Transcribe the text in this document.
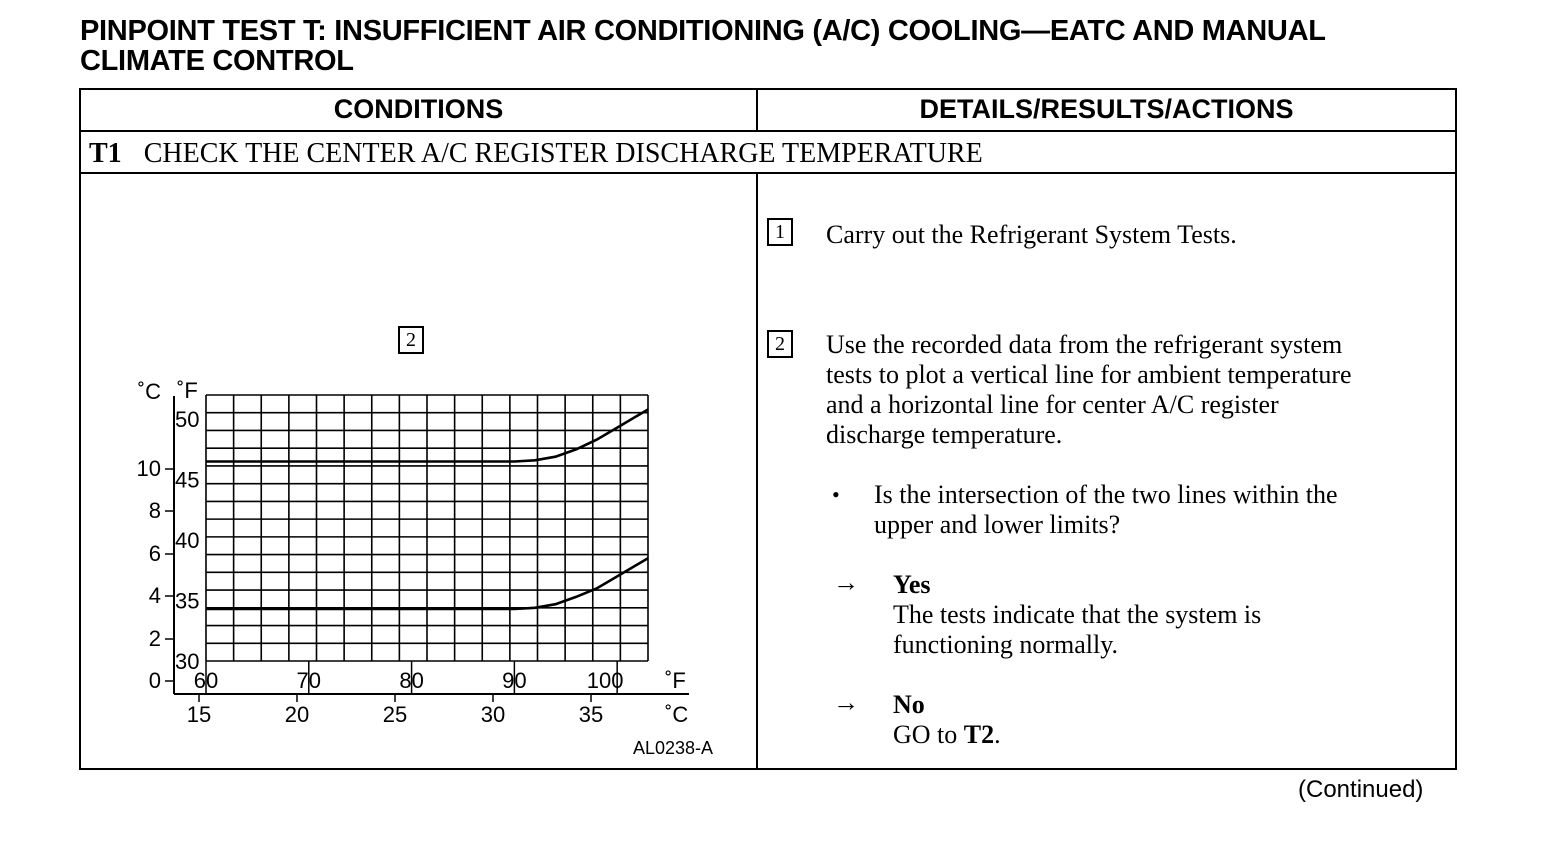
PINPOINT TEST T: INSUFFICIENT AIR CONDITIONING (A/C) COOLING—EATC AND MANUAL
CLIMATE CONTROL
CONDITIONS	DETAILS/RESULTS/ACTIONS
T1 CHECK THE CENTER A/C REGISTER DISCHARGE TEMPERATURE
2
30
35
40
45
50
˚F
0
2
4
6
8
10
˚C
60	70	80	90	100 ˚F
15	20	25	30	35	˚C
AL0238-A
1	Carry out the Refrigerant System Tests.
2	Use the recorded data from the refrigerant system
tests to plot a vertical line for ambient temperature
and a horizontal line for center A/C register
discharge temperature.
• Is the intersection of the two lines within the
upper and lower limits?
→ Yes
The tests indicate that the system is
functioning normally.
→ No
GO to T2.
(Continued)
